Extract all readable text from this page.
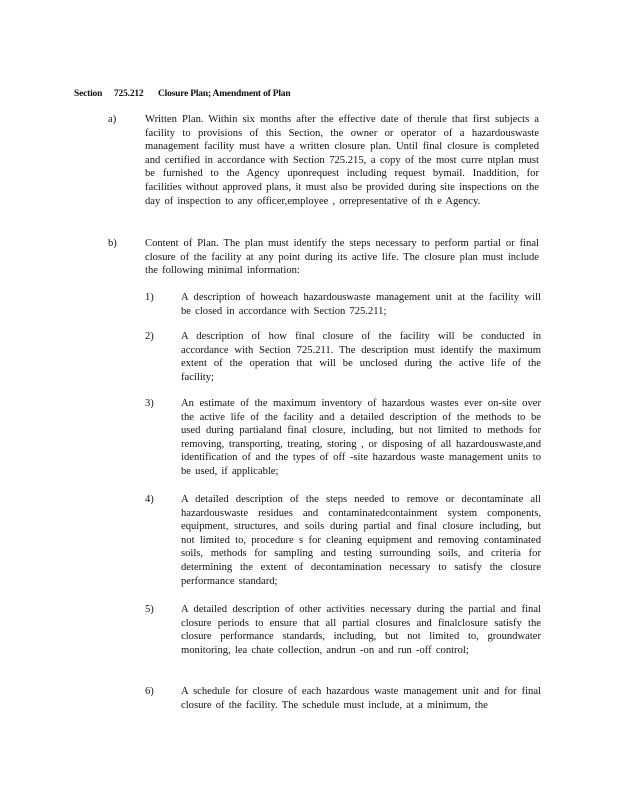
Section 725.212 Closure Plan; Amendment of Plan
a)	Written Plan. Within six months after the effective date of therule that first subjects a facility to provisions of this Section, the owner or operator of a hazardouswaste management facility must have a written closure plan. Until final closure is completed and certified in accordance with Section 725.215, a copy of the most curre ntplan must be furnished to the Agency uponrequest including request bymail. Inaddition, for facilities without approved plans, it must also be provided during site inspections on the day of inspection to any officer,employee , orrepresentative of th e Agency.
b)	Content of Plan. The plan must identify the steps necessary to perform partial or final closure of the facility at any point during its active life. The closure plan must include the following minimal information:
1)	A description of howeach hazardouswaste management unit at the facility will be closed in accordance with Section 725.211;
2)	A description of how final closure of the facility will be conducted in accordance with Section 725.211. The description must identify the maximum extent of the operation that will be unclosed during the active life of the facility;
3)	An estimate of the maximum inventory of hazardous wastes ever on-site over the active life of the facility and a detailed description of the methods to be used during partialand final closure, including, but not limited to methods for removing, transporting, treating, storing , or disposing of all hazardouswaste,and identification of and the types of off -site hazardous waste management units to be used, if applicable;
4)	A detailed description of the steps needed to remove or decontaminate all hazardouswaste residues and contaminatedcontainment system components, equipment, structures, and soils during partial and final closure including, but not limited to, procedure s for cleaning equipment and removing contaminated soils, methods for sampling and testing surrounding soils, and criteria for determining the extent of decontamination necessary to satisfy the closure performance standard;
5)	A detailed description of other activities necessary during the partial and final closure periods to ensure that all partial closures and finalclosure satisfy the closure performance standards, including, but not limited to, groundwater monitoring, lea chate collection, andrun -on and run -off control;
6)	A schedule for closure of each hazardous waste management unit and for final closure of the facility. The schedule must include, at a minimum, the
